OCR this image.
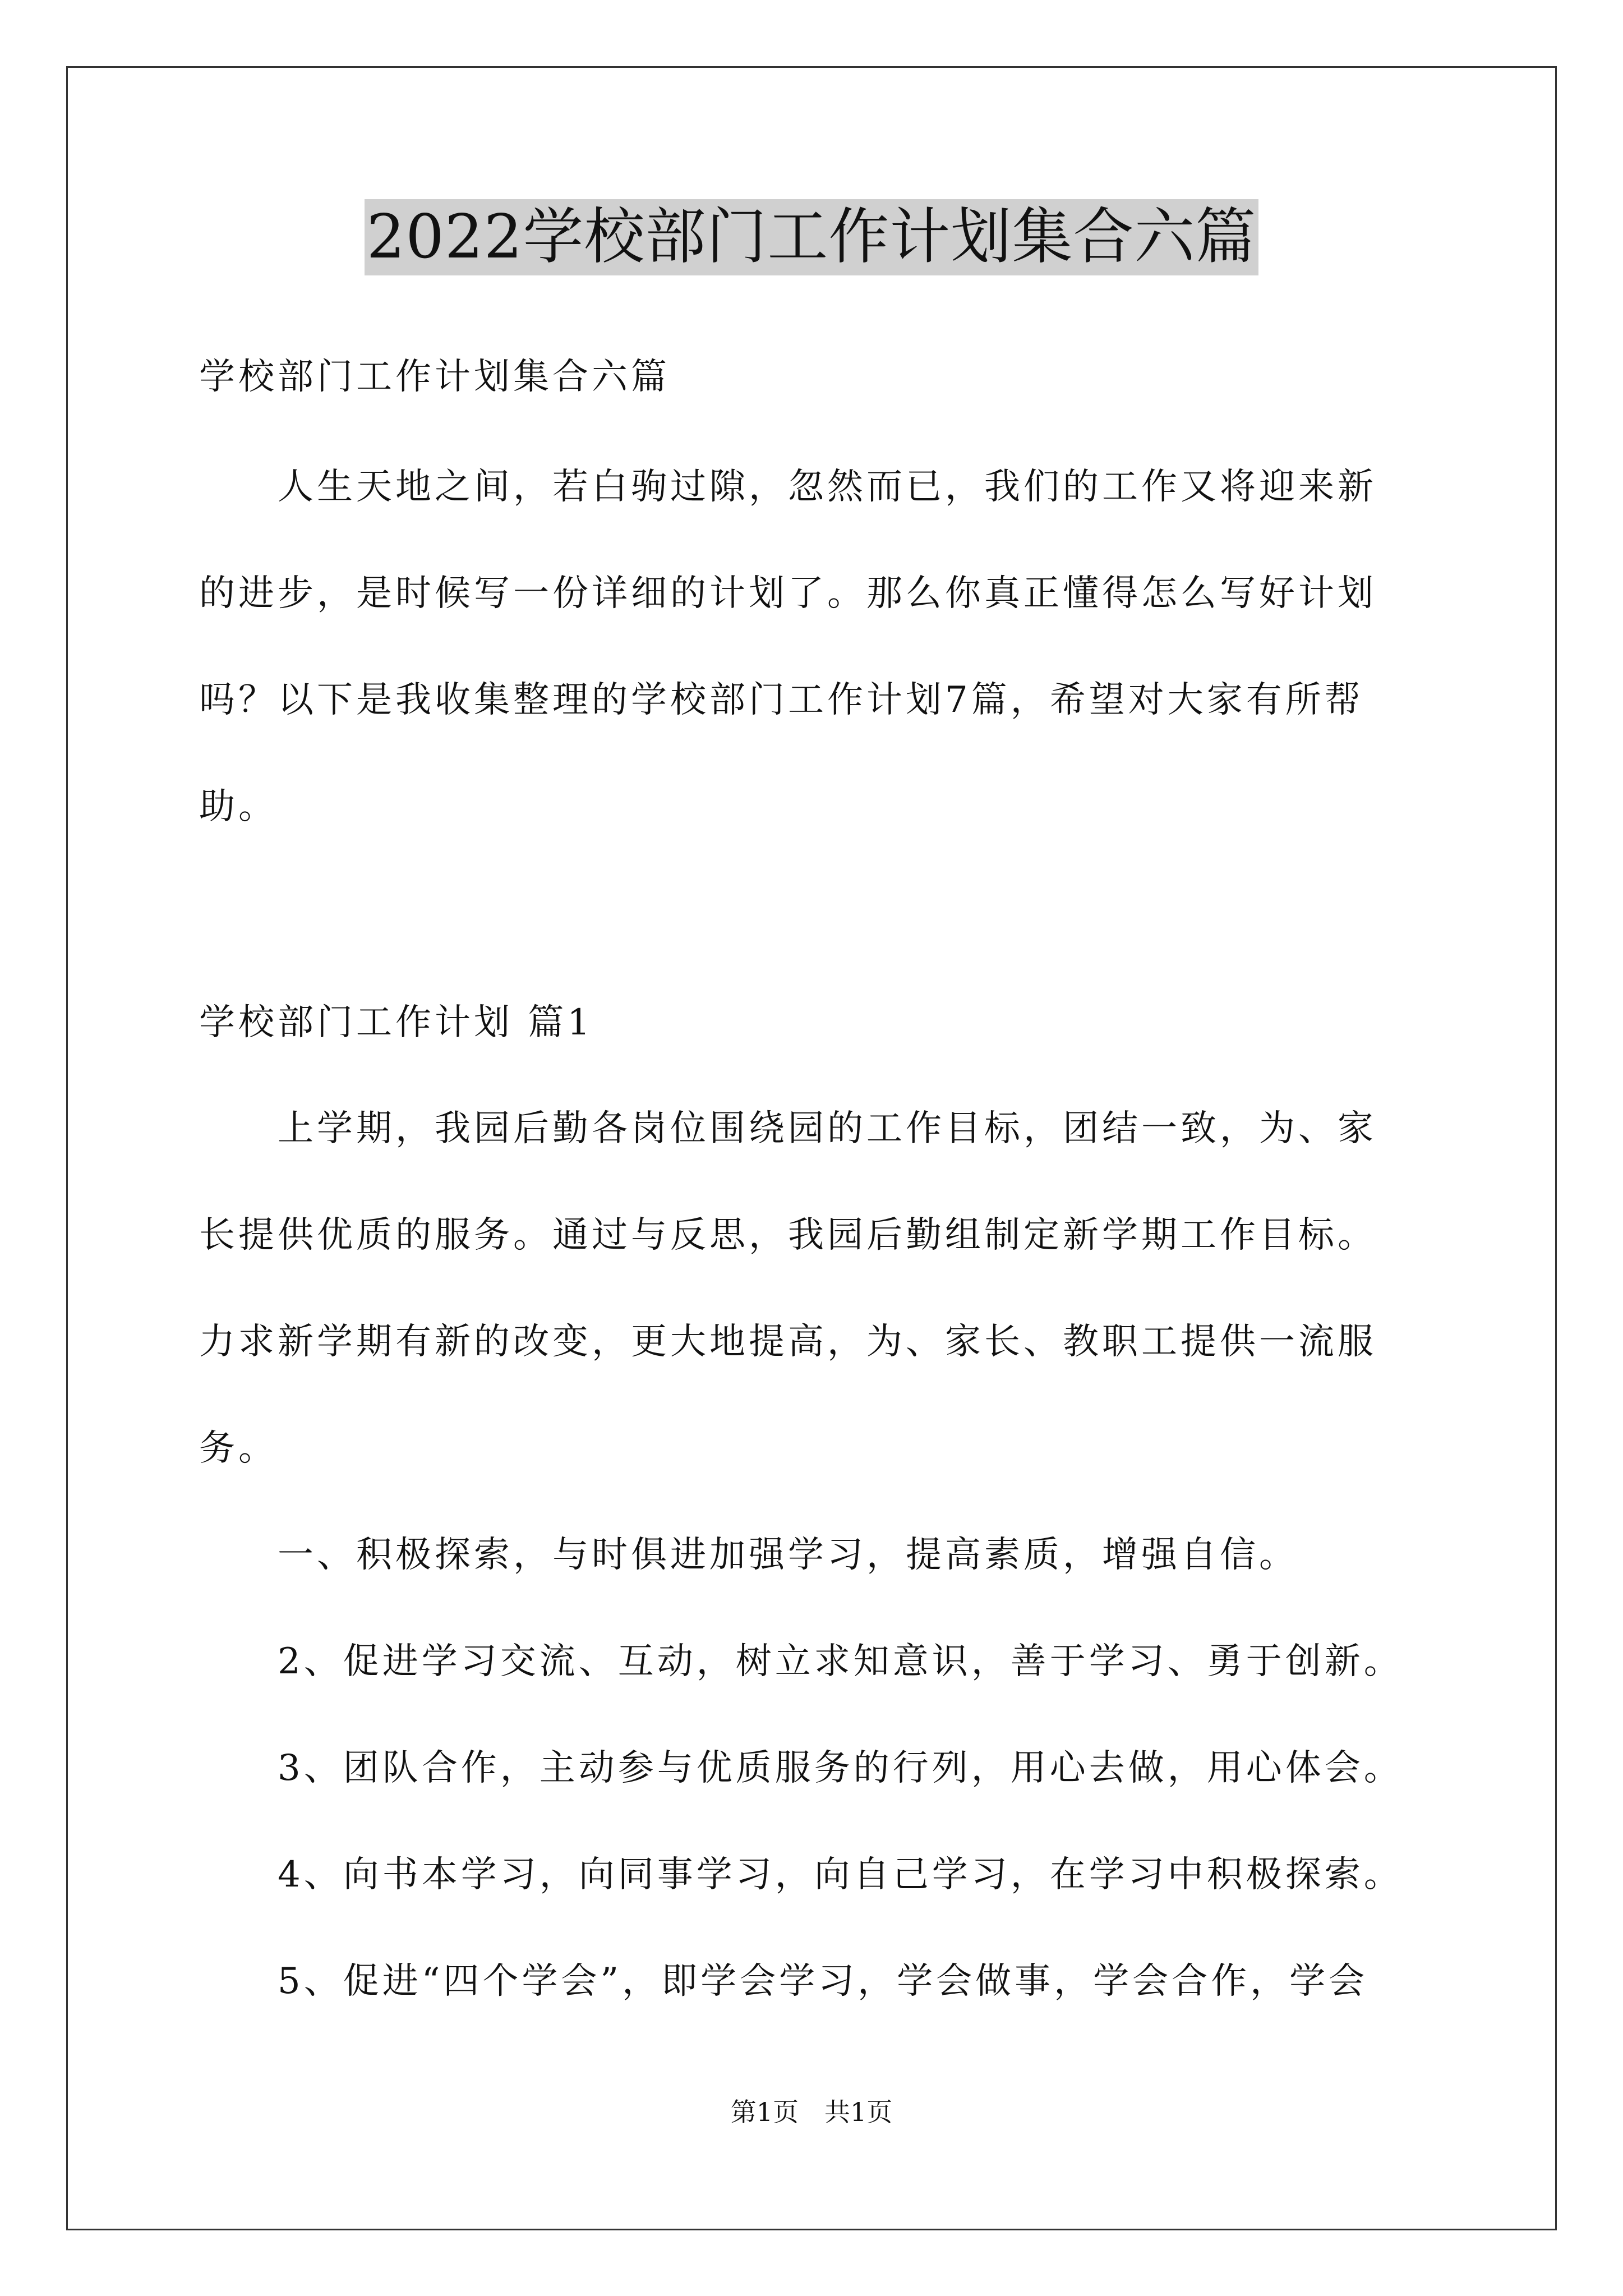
2022学校部门工作计划集合六篇
学校部门工作计划集合六篇
　　人生天地之间，若白驹过隙，忽然而已，我们的工作又将迎来新
的进步，是时候写一份详细的计划了。那么你真正懂得怎么写好计划
吗？以下是我收集整理的学校部门工作计划7篇，希望对大家有所帮
助。
学校部门工作计划 篇1
　　上学期，我园后勤各岗位围绕园的工作目标，团结一致，为、家
长提供优质的服务。通过与反思，我园后勤组制定新学期工作目标。
力求新学期有新的改变，更大地提高，为、家长、教职工提供一流服
务。
　　一、积极探索，与时俱进加强学习，提高素质，增强自信。
　　2、促进学习交流、互动，树立求知意识，善于学习、勇于创新。
　　3、团队合作，主动参与优质服务的行列，用心去做，用心体会。
　　4、向书本学习，向同事学习，向自己学习，在学习中积极探索。
　　5、促进“四个学会”，即学会学习，学会做事，学会合作，学会
第1页　共1页
